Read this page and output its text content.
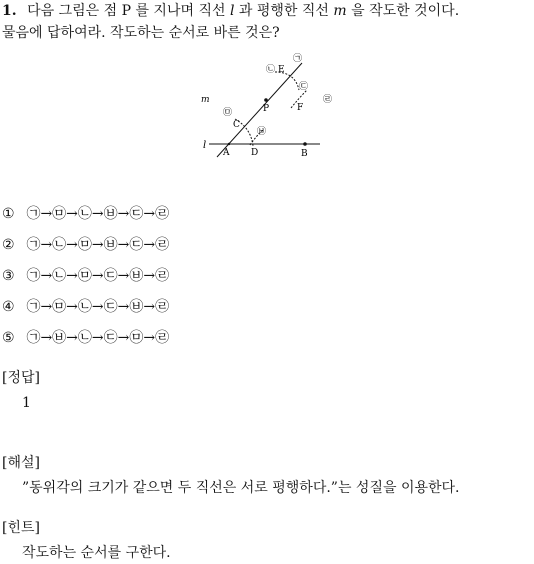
1. 다음 그림은 점 P 를 지나며 직선 l 과 평행한 직선 m 을 작도한 것이다.
물음에 답하여라. 작도하는 순서로 바른 것은?
m
l
P
A	B
C
D
E
F
㉠
㉡
㉢
㉣
㉤
㉥
① ㉠→㉤→㉡→㉥→㉢→㉣
② ㉠→㉡→㉤→㉥→㉢→㉣
③ ㉠→㉡→㉤→㉢→㉥→㉣
④ ㉠→㉤→㉡→㉢→㉥→㉣
⑤ ㉠→㉥→㉡→㉢→㉤→㉣
[정답]
1
[해설]
”동위각의 크기가 같으면 두 직선은 서로 평행하다.”는 성질을 이용한다.
[힌트]
작도하는 순서를 구한다.
